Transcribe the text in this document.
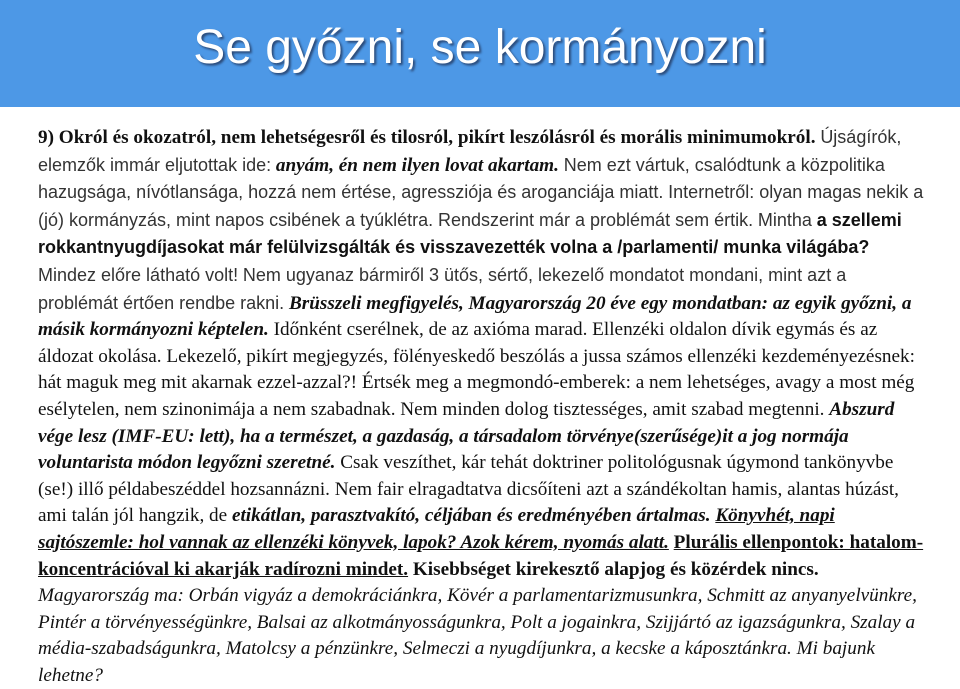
Se győzni, se kormányozni
9) Okról és okozatról, nem lehetségesről és tilosról, pikírt leszólásról és morális minimumokról. Újságírók, elemzők immár eljutottak ide: anyám, én nem ilyen lovat akartam. Nem ezt vártuk, csalódtunk a közpolitika hazugsága, nívótlansága, hozzá nem értése, agressziója és aroganciája miatt. Internetről: olyan magas nekik a (jó) kormányzás, mint napos csibének a tyúklétra. Rendszerint már a problémát sem értik. Mintha a szellemi rokkantnyugdíjasokat már felülvizsgálták és visszavezették volna a /parlamenti/ munka világába? Mindez előre látható volt! Nem ugyanaz bármiről 3 ütős, sértő, lekezelő mondatot mondani, mint azt a problémát értően rendbe rakni. Brüsszeli megfigyelés, Magyarország 20 éve egy mondatban: az egyik győzni, a másik kormányozni képtelen. Időnként cserélnek, de az axióma marad. Ellenzéki oldalon dívik egymás és az áldozat okolása. Lekezelő, pikírt megjegyzés, fölényeskedő beszólás a jussa számos ellenzéki kezdeményezésnek: hát maguk meg mit akarnak ezzel-azzal?! Értsék meg a megmondó-emberek: a nem lehetséges, avagy a most még esélytelen, nem szinonimája a nem szabadnak. Nem minden dolog tisztességes, amit szabad megtenni. Abszurd vége lesz (IMF-EU: lett), ha a természet, a gazdaság, a társadalom törvénye(szerűsége)it a jog normája voluntarista módon legyőzni szeretné. Csak veszíthet, kár tehát doktriner politológusnak úgymond tankönyvbe (se!) illő példabeszéddel hozsannázni. Nem fair elragadtatva dicsőíteni azt a szándékoltan hamis, alantas húzást, ami talán jól hangzik, de etikátlan, parasztvakító, céljában és eredményében ártalmas. Könyvhét, napi sajtószemle: hol vannak az ellenzéki könyvek, lapok? Azok kérem, nyomás alatt. Plurális ellenpontok: hatalom-koncentrációval ki akarják radírozni mindet. Kisebbséget kirekesztő alapjog és közérdek nincs. Magyarország ma: Orbán vigyáz a demokráciánkra, Kövér a parlamentarizmusunkra, Schmitt az anyanyelvünkre, Pintér a törvényességünkre, Balsai az alkotmányosságunkra, Polt a jogainkra, Szijjártó az igazságunkra, Szalay a média-szabadságunkra, Matolcsy a pénzünkre, Selmeczi a nyugdíjunkra, a kecske a káposztánkra. Mi bajunk lehetne?
